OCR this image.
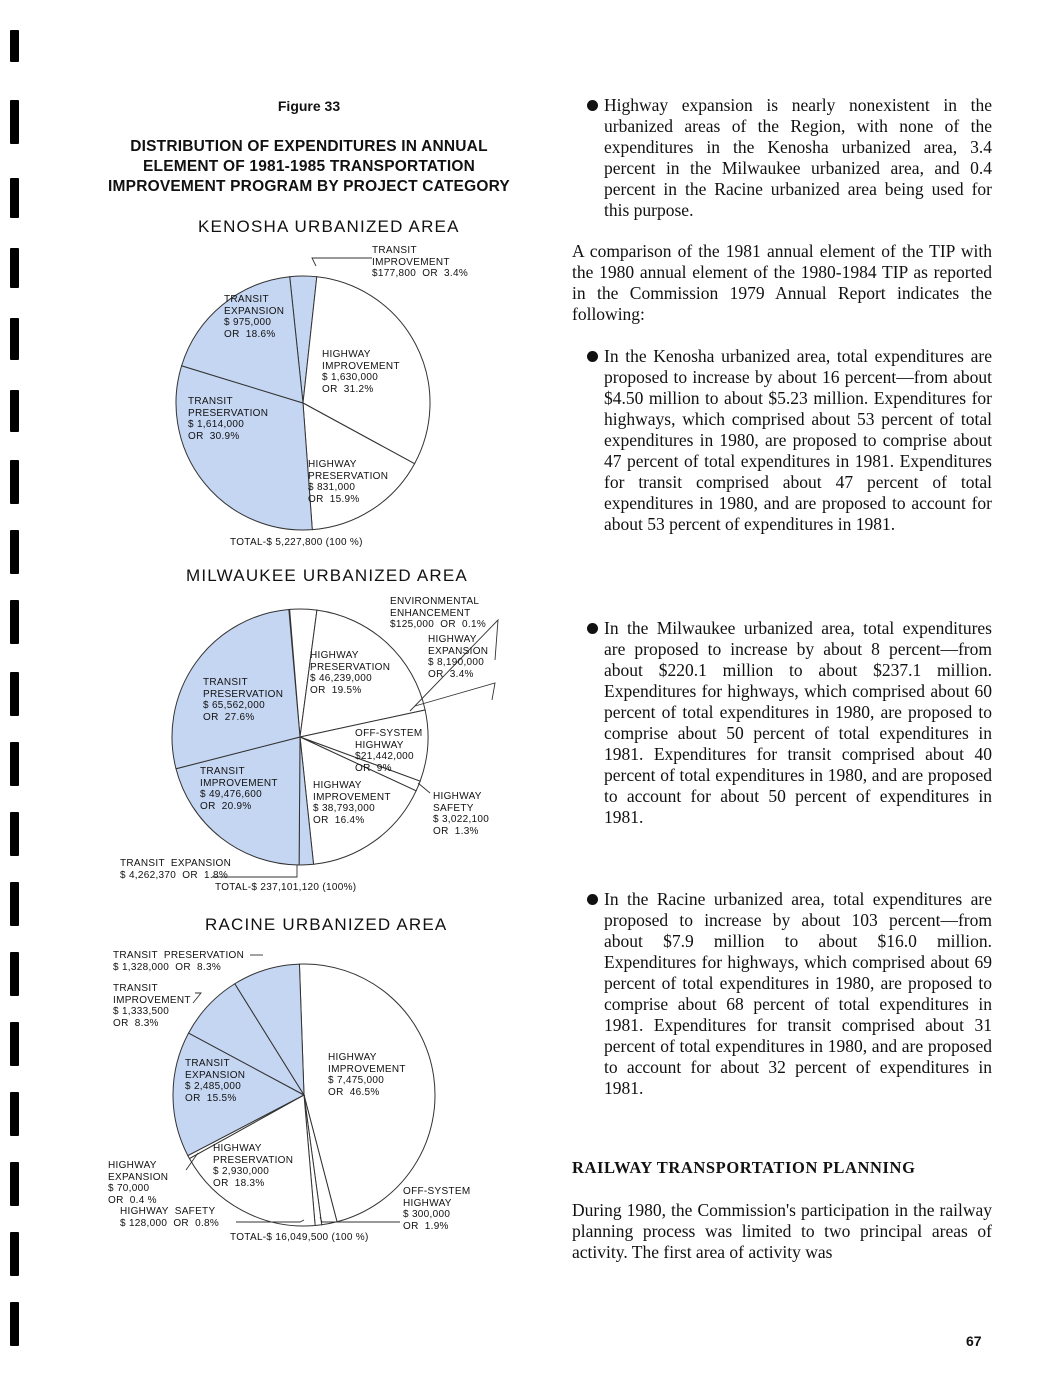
Figure 33
DISTRIBUTION OF EXPENDITURES IN ANNUAL ELEMENT OF 1981-1985 TRANSPORTATION IMPROVEMENT PROGRAM BY PROJECT CATEGORY
KENOSHA URBANIZED AREA
MILWAUKEE URBANIZED AREA
RACINE URBANIZED AREA
TRANSIT
IMPROVEMENT
$177,800  OR  3.4%
HIGHWAY
IMPROVEMENT
$ 1,630,000
OR  31.2%
HIGHWAY
PRESERVATION
$ 831,000
OR  15.9%
TRANSIT
PRESERVATION
$ 1,614,000
OR  30.9%
TRANSIT
EXPANSION
$ 975,000
OR  18.6%
TOTAL-$ 5,227,800 (100 %)
ENVIRONMENTAL
ENHANCEMENT
$125,000  OR  0.1%
HIGHWAY
EXPANSION
$ 8,190,000
OR  3.4%
HIGHWAY
PRESERVATION
$ 46,239,000
OR  19.5%
OFF-SYSTEM
HIGHWAY
$21,442,000
OR  9%
HIGHWAY
SAFETY
$ 3,022,100
OR  1.3%
HIGHWAY
IMPROVEMENT
$ 38,793,000
OR  16.4%
TRANSIT  EXPANSION
$ 4,262,370  OR  1.8%
TRANSIT
IMPROVEMENT
$ 49,476,600
OR  20.9%
TRANSIT
PRESERVATION
$ 65,562,000
OR  27.6%
TOTAL-$ 237,101,120 (100%)
HIGHWAY
IMPROVEMENT
$ 7,475,000
OR  46.5%
OFF-SYSTEM
HIGHWAY
$ 300,000
OR  1.9%
HIGHWAY  SAFETY
$ 128,000  OR  0.8%
HIGHWAY
PRESERVATION
$ 2,930,000
OR  18.3%
HIGHWAY
EXPANSION
$ 70,000
OR  0.4 %
TRANSIT
EXPANSION
$ 2,485,000
OR  15.5%
TRANSIT
IMPROVEMENT
$ 1,333,500
OR  8.3%
TRANSIT  PRESERVATION
$ 1,328,000  OR  8.3%
TOTAL-$ 16,049,500 (100 %)

Highway expansion is nearly nonexistent in the urbanized areas of the Region, with none of the expenditures in the Kenosha urbanized area, 3.4 percent in the Milwaukee urbanized area, and 0.4 percent in the Racine urbanized area being used for this purpose.

A comparison of the 1981 annual element of the TIP with the 1980 annual element of the 1980-1984 TIP as reported in the Commission 1979 Annual Report indicates the following:

In the Kenosha urbanized area, total expenditures are proposed to increase by about 16 percent—from about $4.50 million to about $5.23 million. Expenditures for highways, which comprised about 53 percent of total expenditures in 1980, are proposed to comprise about 47 percent of total expenditures in 1981. Expenditures for transit comprised about 47 percent of total expenditures in 1980, and are proposed to account for about 53 percent of expenditures in 1981.

In the Milwaukee urbanized area, total expenditures are proposed to increase by about 8 percent—from about $220.1 million to about $237.1 million. Expenditures for highways, which comprised about 60 percent of total expenditures in 1980, are proposed to comprise about 50 percent of total expenditures in 1981. Expenditures for transit comprised about 40 percent of total expenditures in 1980, and are proposed to account for about 50 percent of expenditures in 1981.

In the Racine urbanized area, total expenditures are proposed to increase by about 103 percent—from about $7.9 million to about $16.0 million. Expenditures for highways, which comprised about 69 percent of total expenditures in 1980, are proposed to comprise about 68 percent of total expenditures in 1981. Expenditures for transit comprised about 31 percent of total expenditures in 1980, and are proposed to account for about 32 percent of expenditures in 1981.

RAILWAY TRANSPORTATION PLANNING

During 1980, the Commission's participation in the railway planning process was limited to two principal areas of activity. The first area of activity was

67
